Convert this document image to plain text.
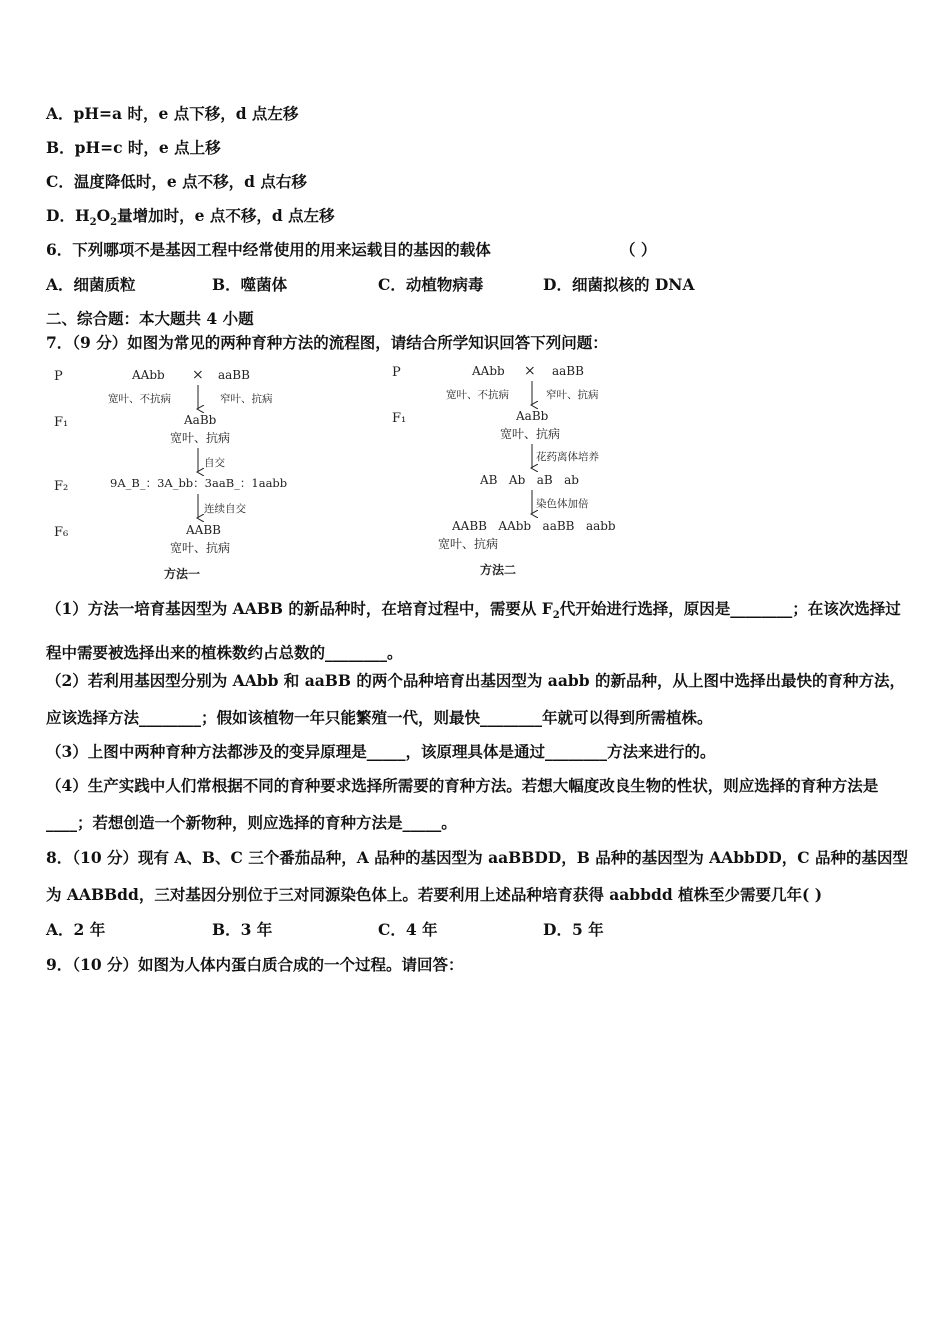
A．pH=a 时，e 点下移，d 点左移
B．pH=c 时，e 点上移
C．温度降低时，e 点不移，d 点右移
D．$H_2O_2$量增加时，e 点不移，d 点左移
6．下列哪项不是基因工程中经常使用的用来运载目的基因的载体	（ ）
A．细菌质粒	B．噬菌体	C．动植物病毒	D．细菌拟核的 DNA
二、综合题：本大题共 4 小题
7．（9 分）如图为常见的两种育种方法的流程图，请结合所学知识回答下列问题：
P	AAbb × aaBB
宽叶、不抗病	窄叶、抗病
F₁	AaBb
宽叶、抗病
自交
F₂	9A_B_：3A_bb：3aaB_：1aabb
连续自交
F₆	AABB
宽叶、抗病
方法一
P	AAbb × aaBB
宽叶、不抗病	窄叶、抗病
F₁	AaBb
宽叶、抗病
花药离体培养
AB   Ab   aB   ab
染色体加倍
AABB   AAbb   aaBB   aabb
宽叶、抗病
方法二
（1）方法一培育基因型为 AABB 的新品种时，在培育过程中，需要从 $F_2$代开始进行选择，原因是________；在该次选择过程中需要被选择出来的植株数约占总数的________。
（2）若利用基因型分别为 AAbb 和 aaBB 的两个品种培育出基因型为 aabb 的新品种，从上图中选择出最快的育种方法，应该选择方法________；假如该植物一年只能繁殖一代，则最快________年就可以得到所需植株。
（3）上图中两种育种方法都涉及的变异原理是_____，该原理具体是通过________方法来进行的。
（4）生产实践中人们常根据不同的育种要求选择所需要的育种方法。若想大幅度改良生物的性状，则应选择的育种方法是____；若想创造一个新物种，则应选择的育种方法是_____。
8．（10 分）现有 A、B、C 三个番茄品种，A 品种的基因型为 aaBBDD，B 品种的基因型为 AAbbDD，C 品种的基因型为 AABBdd，三对基因分别位于三对同源染色体上。若要利用上述品种培育获得 aabbdd 植株至少需要几年( )
A．2 年	B．3 年	C．4 年	D．5 年
9．（10 分）如图为人体内蛋白质合成的一个过程。请回答：
